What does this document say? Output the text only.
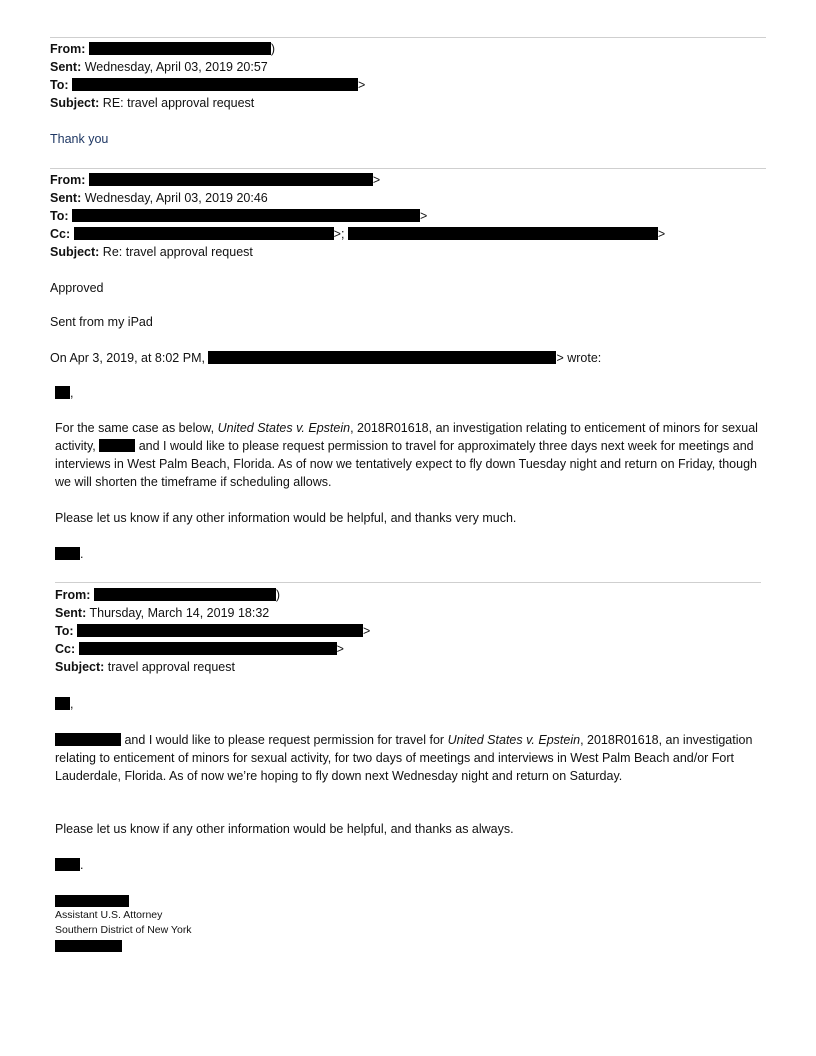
From:	)
Sent: Wednesday, April 03, 2019 20:57
To:	>
Subject: RE: travel approval request
Thank you
From:	>
Sent: Wednesday, April 03, 2019 20:46
To:	>
Cc:	>;	>
Subject: Re: travel approval request
Approved
Sent from my iPad
On Apr 3, 2019, at 8:02 PM,	> wrote:
,
For the same case as below, United States v. Epstein, 2018R01618, an investigation relating to enticement of minors for sexual activity,	and I would like to please request permission to travel for approximately three days next week for meetings and interviews in West Palm Beach, Florida. As of now we tentatively expect to fly down Tuesday night and return on Friday, though we will shorten the timeframe if scheduling allows.
Please let us know if any other information would be helpful, and thanks very much.
.
From:	)
Sent: Thursday, March 14, 2019 18:32
To:	>
Cc:	>
Subject: travel approval request
,
and I would like to please request permission for travel for United States v. Epstein, 2018R01618, an investigation relating to enticement of minors for sexual activity, for two days of meetings and interviews in West Palm Beach and/or Fort Lauderdale, Florida. As of now we’re hoping to fly down next Wednesday night and return on Saturday.
Please let us know if any other information would be helpful, and thanks as always.
.
Assistant U.S. Attorney
Southern District of New York
